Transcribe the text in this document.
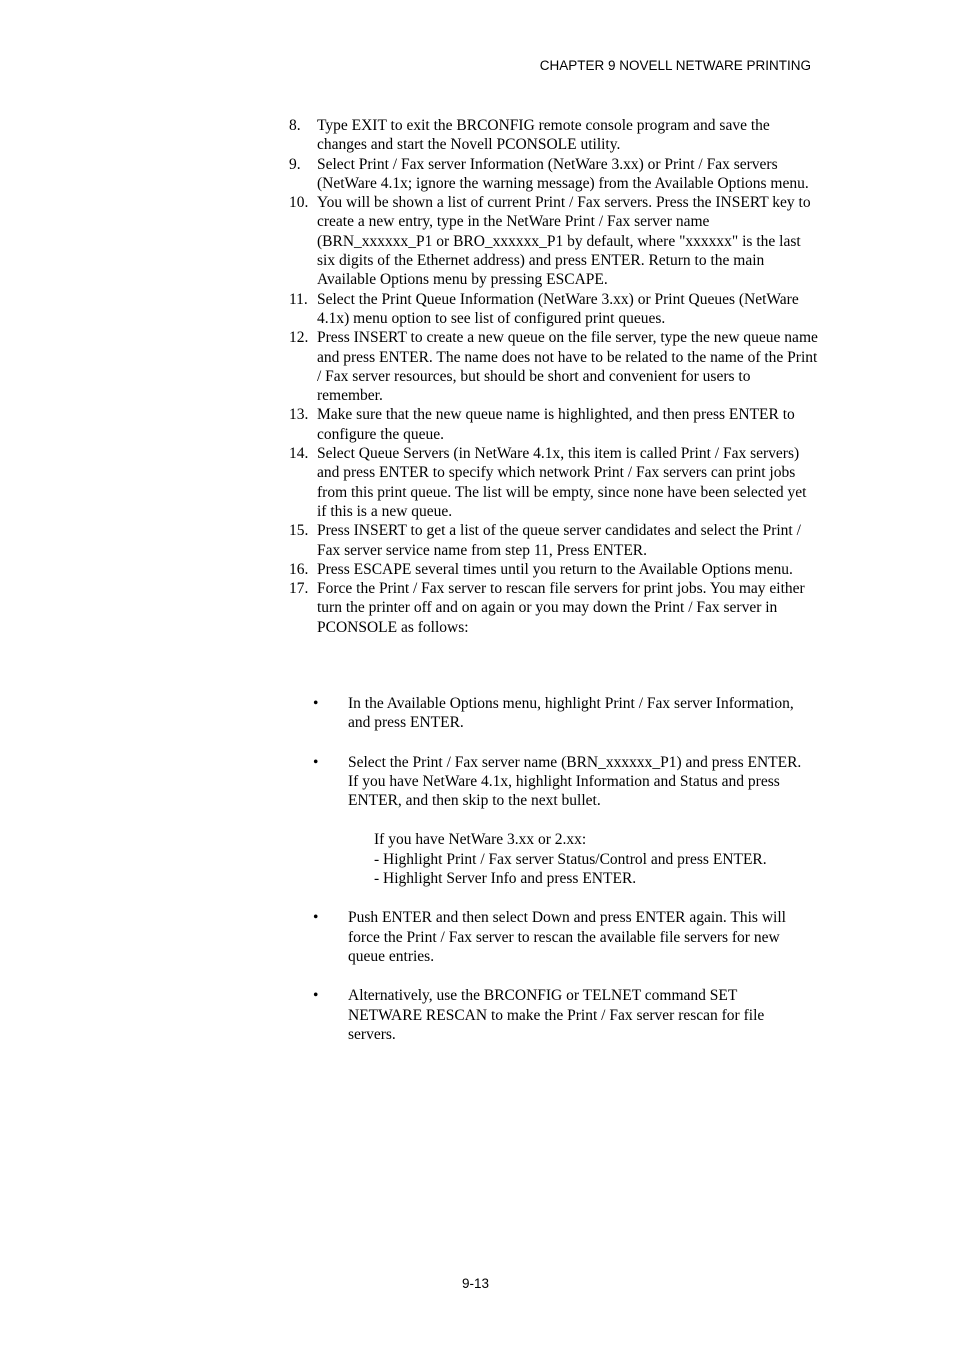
CHAPTER 9 NOVELL NETWARE PRINTING
8.	Type EXIT to exit the BRCONFIG remote console program and save the changes and start the Novell PCONSOLE utility.
9.	Select Print / Fax server Information (NetWare 3.xx) or Print / Fax servers (NetWare 4.1x; ignore the warning message) from the Available Options menu.
10. You will be shown a list of current Print / Fax servers. Press the INSERT key to create a new entry, type in the NetWare Print / Fax server name (BRN_xxxxxx_P1 or BRO_xxxxxx_P1 by default, where "xxxxxx" is the last six digits of the Ethernet address) and press ENTER. Return to the main Available Options menu by pressing ESCAPE.
11. Select the Print Queue Information (NetWare 3.xx) or Print Queues (NetWare 4.1x) menu option to see list of configured print queues.
12. Press INSERT to create a new queue on the file server, type the new queue name and press ENTER. The name does not have to be related to the name of the Print / Fax server resources, but should be short and convenient for users to remember.
13. Make sure that the new queue name is highlighted, and then press ENTER to configure the queue.
14. Select Queue Servers (in NetWare 4.1x, this item is called Print / Fax servers) and press ENTER to specify which network Print / Fax servers can print jobs from this print queue. The list will be empty, since none have been selected yet if this is a new queue.
15. Press INSERT to get a list of the queue server candidates and select the Print / Fax server service name from step 11, Press ENTER.
16. Press ESCAPE several times until you return to the Available Options menu.
17. Force the Print / Fax server to rescan file servers for print jobs. You may either turn the printer off and on again or you may down the Print / Fax server in PCONSOLE as follows:
•	In the Available Options menu, highlight Print / Fax server Information, and press ENTER.
•	Select the Print / Fax server name (BRN_xxxxxx_P1) and press ENTER. If you have NetWare 4.1x, highlight Information and Status and press ENTER, and then skip to the next bullet.
If you have NetWare 3.xx or 2.xx:
- Highlight Print / Fax server Status/Control and press ENTER.
- Highlight Server Info and press ENTER.
•	Push ENTER and then select Down and press ENTER again. This will force the Print / Fax server to rescan the available file servers for new queue entries.
•	Alternatively, use the BRCONFIG or TELNET command SET NETWARE RESCAN to make the Print / Fax server rescan for file servers.
9-13
